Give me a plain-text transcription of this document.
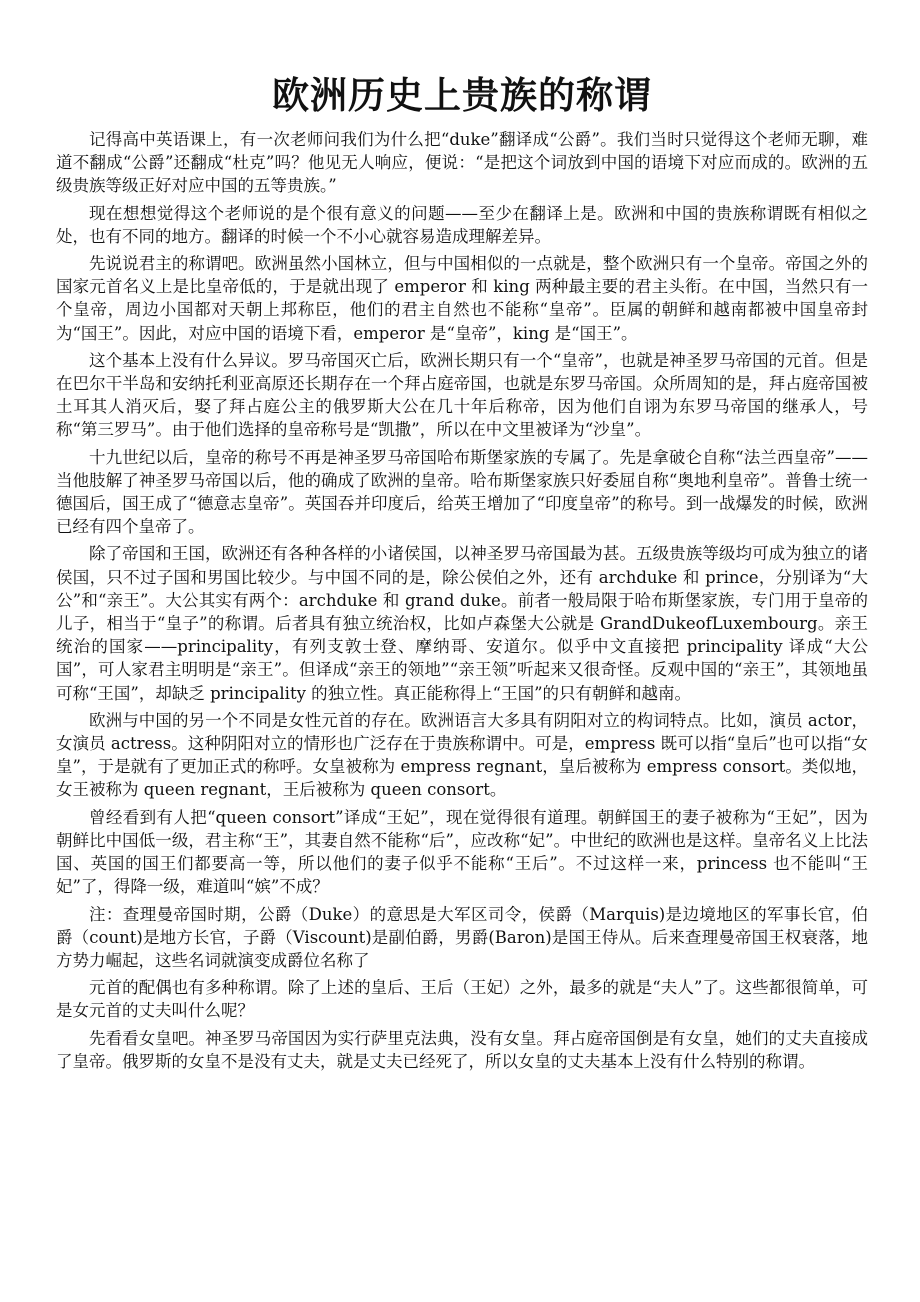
欧洲历史上贵族的称谓

记得高中英语课上，有一次老师问我们为什么把“duke”翻译成“公爵”。我们当时只觉得这个老师无聊，难道不翻成“公爵”还翻成“杜克”吗？他见无人响应，便说：“是把这个词放到中国的语境下对应而成的。欧洲的五级贵族等级正好对应中国的五等贵族。”

现在想想觉得这个老师说的是个很有意义的问题——至少在翻译上是。欧洲和中国的贵族称谓既有相似之处，也有不同的地方。翻译的时候一个不小心就容易造成理解差异。

先说说君主的称谓吧。欧洲虽然小国林立，但与中国相似的一点就是，整个欧洲只有一个皇帝。帝国之外的国家元首名义上是比皇帝低的，于是就出现了 emperor 和 king 两种最主要的君主头衔。在中国，当然只有一个皇帝，周边小国都对天朝上邦称臣，他们的君主自然也不能称“皇帝”。臣属的朝鲜和越南都被中国皇帝封为“国王”。因此，对应中国的语境下看，emperor 是“皇帝”，king 是“国王”。

这个基本上没有什么异议。罗马帝国灭亡后，欧洲长期只有一个“皇帝”，也就是神圣罗马帝国的元首。但是在巴尔干半岛和安纳托利亚高原还长期存在一个拜占庭帝国，也就是东罗马帝国。众所周知的是，拜占庭帝国被土耳其人消灭后，娶了拜占庭公主的俄罗斯大公在几十年后称帝，因为他们自诩为东罗马帝国的继承人，号称“第三罗马”。由于他们选择的皇帝称号是“凯撒”，所以在中文里被译为“沙皇”。

十九世纪以后，皇帝的称号不再是神圣罗马帝国哈布斯堡家族的专属了。先是拿破仑自称“法兰西皇帝”——当他肢解了神圣罗马帝国以后，他的确成了欧洲的皇帝。哈布斯堡家族只好委屈自称“奥地利皇帝”。普鲁士统一德国后，国王成了“德意志皇帝”。英国吞并印度后，给英王增加了“印度皇帝”的称号。到一战爆发的时候，欧洲已经有四个皇帝了。

除了帝国和王国，欧洲还有各种各样的小诸侯国，以神圣罗马帝国最为甚。五级贵族等级均可成为独立的诸侯国，只不过子国和男国比较少。与中国不同的是，除公侯伯之外，还有 archduke 和 prince，分别译为“大公”和“亲王”。大公其实有两个：archduke 和 grand duke。前者一般局限于哈布斯堡家族，专门用于皇帝的儿子，相当于“皇子”的称谓。后者具有独立统治权，比如卢森堡大公就是 GrandDukeofLuxembourg。亲王统治的国家——principality，有列支敦士登、摩纳哥、安道尔。似乎中文直接把 principality 译成“大公国”，可人家君主明明是“亲王”。但译成“亲王的领地”“亲王领”听起来又很奇怪。反观中国的“亲王”，其领地虽可称“王国”，却缺乏 principality 的独立性。真正能称得上“王国”的只有朝鲜和越南。

欧洲与中国的另一个不同是女性元首的存在。欧洲语言大多具有阴阳对立的构词特点。比如，演员 actor，女演员 actress。这种阴阳对立的情形也广泛存在于贵族称谓中。可是，empress 既可以指“皇后”也可以指“女皇”，于是就有了更加正式的称呼。女皇被称为 empress regnant，皇后被称为 empress consort。类似地，女王被称为 queen regnant，王后被称为 queen consort。

曾经看到有人把“queen consort”译成“王妃”，现在觉得很有道理。朝鲜国王的妻子被称为“王妃”，因为朝鲜比中国低一级，君主称“王”，其妻自然不能称“后”，应改称“妃”。中世纪的欧洲也是这样。皇帝名义上比法国、英国的国王们都要高一等，所以他们的妻子似乎不能称“王后”。不过这样一来，princess 也不能叫“王妃”了，得降一级，难道叫“嫔”不成？

注：查理曼帝国时期，公爵（Duke）的意思是大军区司令，侯爵（Marquis)是边境地区的军事长官，伯爵（count)是地方长官，子爵（Viscount)是副伯爵，男爵(Baron)是国王侍从。后来查理曼帝国王权衰落，地方势力崛起，这些名词就演变成爵位名称了

元首的配偶也有多种称谓。除了上述的皇后、王后（王妃）之外，最多的就是“夫人”了。这些都很简单，可是女元首的丈夫叫什么呢？

先看看女皇吧。神圣罗马帝国因为实行萨里克法典，没有女皇。拜占庭帝国倒是有女皇，她们的丈夫直接成了皇帝。俄罗斯的女皇不是没有丈夫，就是丈夫已经死了，所以女皇的丈夫基本上没有什么特别的称谓。
